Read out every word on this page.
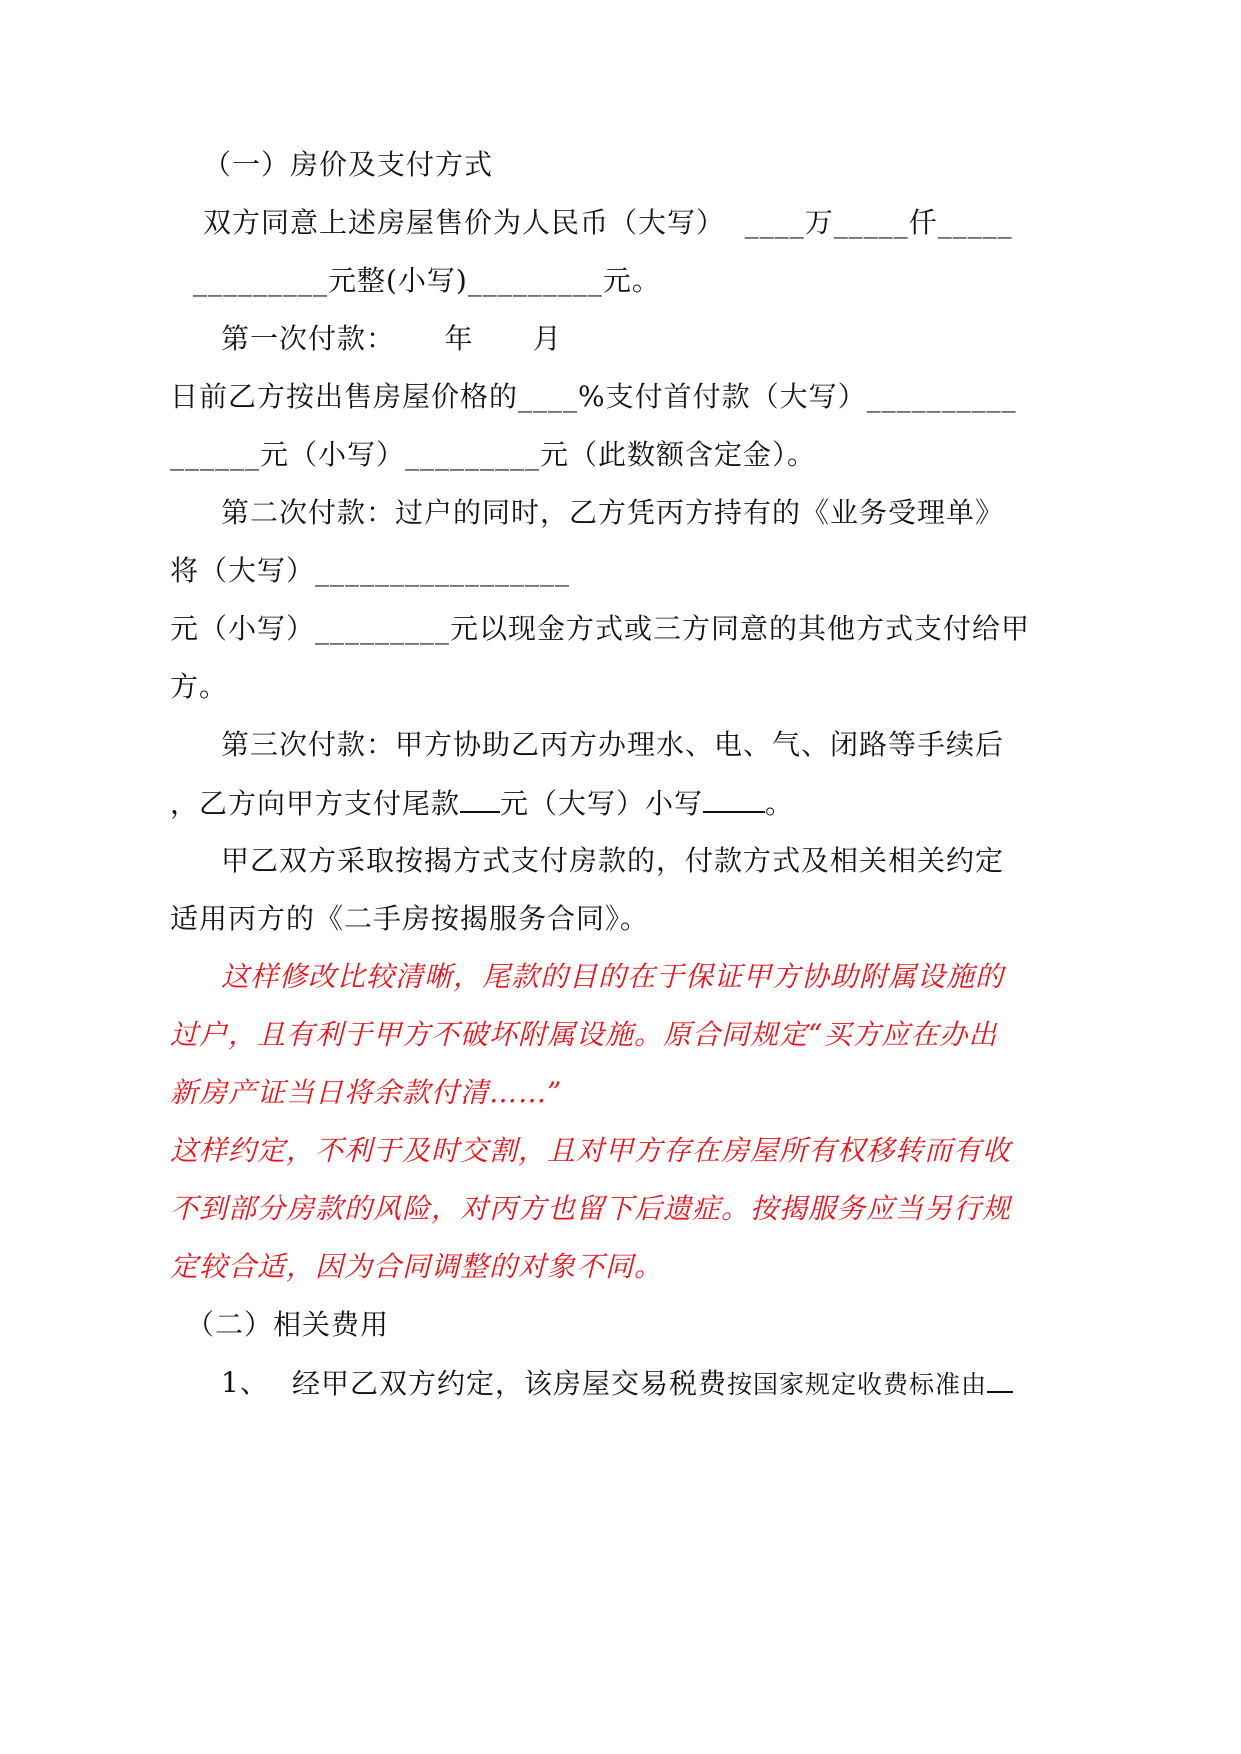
（一）房价及支付方式
双方同意上述房屋售价为人民币（大写）  ____万_____仟_____
_________元整(小写)_________元。
第一次付款：     年      月
日前乙方按出售房屋价格的____%支付首付款（大写）__________
______元（小写）_________元（此数额含定金）。
第二次付款：过户的同时，乙方凭丙方持有的《业务受理单》
将（大写）_________________
元（小写）_________元以现金方式或三方同意的其他方式支付给甲
方。
第三次付款：甲方协助乙丙方办理水、电、气、闭路等手续后
，乙方向甲方支付尾款 元（大写）小写 。
甲乙双方采取按揭方式支付房款的，付款方式及相关相关约定
适用丙方的《二手房按揭服务合同》。
这样修改比较清晰，尾款的目的在于保证甲方协助附属设施的
过户，且有利于甲方不破坏附属设施。原合同规定“买方应在办出
新房产证当日将余款付清……”
这样约定，不利于及时交割，且对甲方存在房屋所有权移转而有收
不到部分房款的风险，对丙方也留下后遗症。按揭服务应当另行规
定较合适，因为合同调整的对象不同。
（二）相关费用
1、 经甲乙双方约定，该房屋交易税费按国家规定收费标准由
